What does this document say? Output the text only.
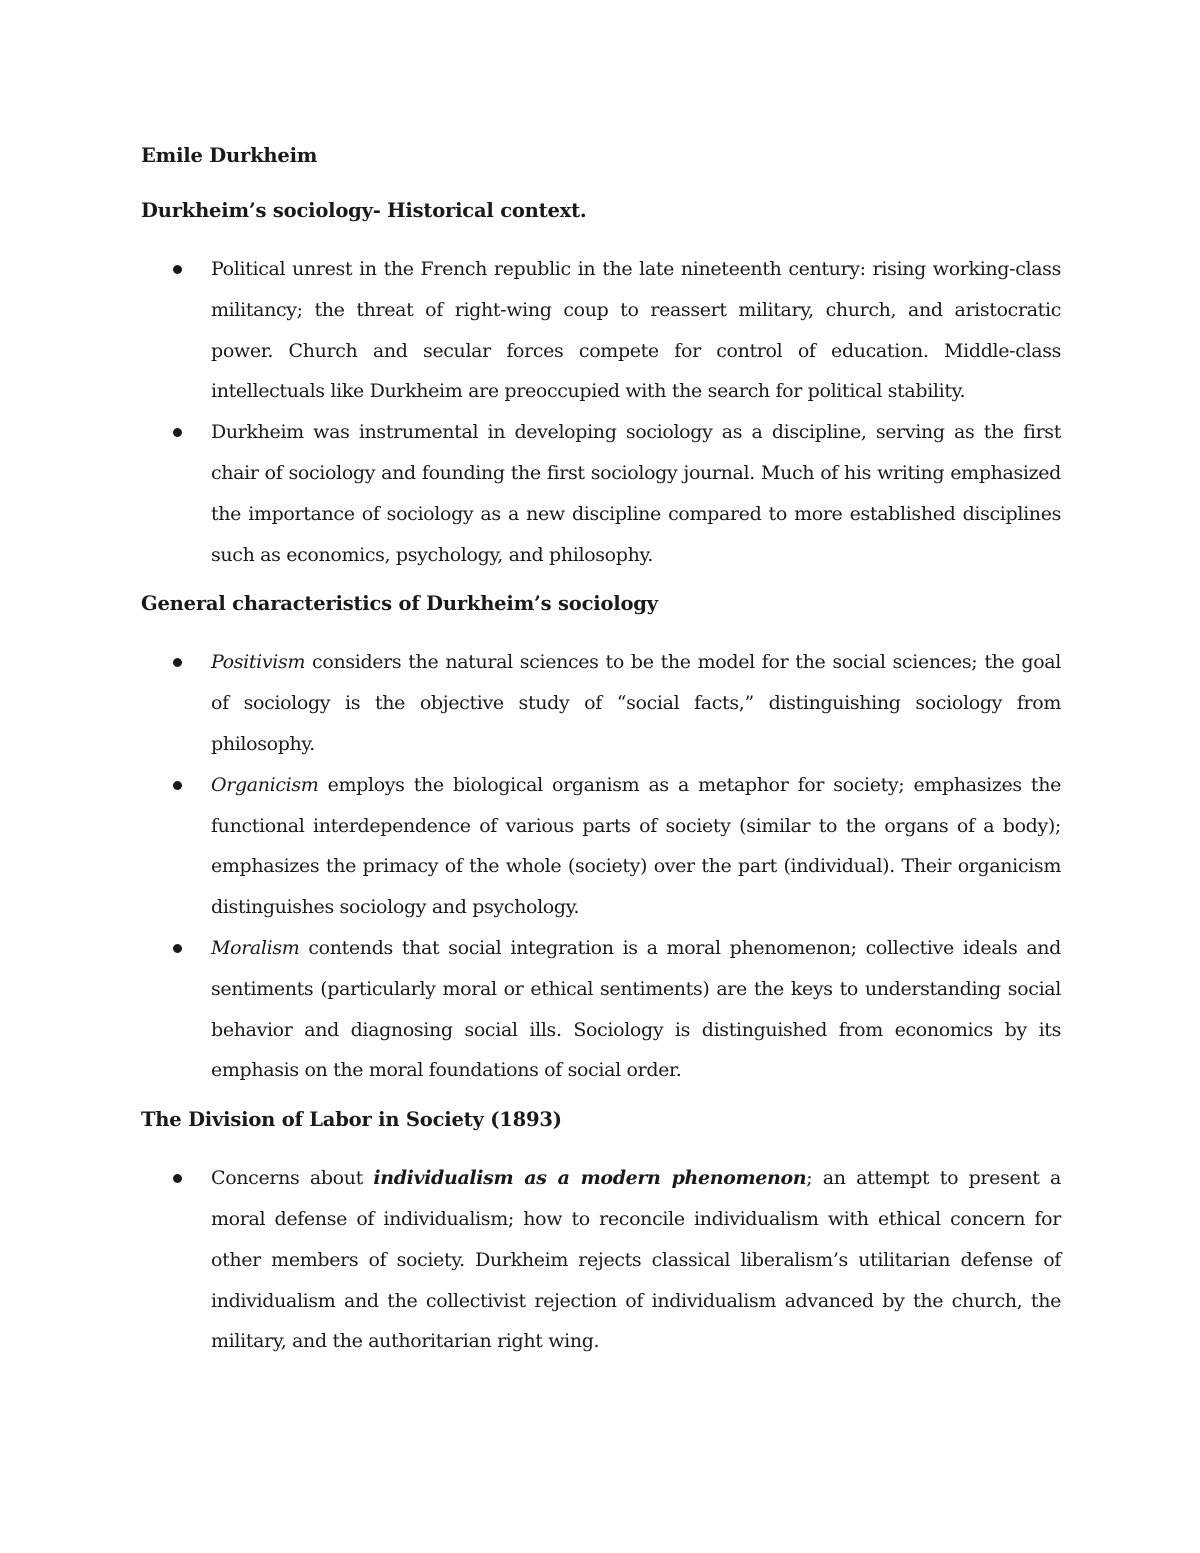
Emile Durkheim
Durkheim’s sociology- Historical context.
Political unrest in the French republic in the late nineteenth century: rising working-class militancy; the threat of right-wing coup to reassert military, church, and aristocratic power. Church and secular forces compete for control of education. Middle-class intellectuals like Durkheim are preoccupied with the search for political stability.
Durkheim was instrumental in developing sociology as a discipline, serving as the first chair of sociology and founding the first sociology journal. Much of his writing emphasized the importance of sociology as a new discipline compared to more established disciplines such as economics, psychology, and philosophy.
General characteristics of Durkheim’s sociology
Positivism considers the natural sciences to be the model for the social sciences; the goal of sociology is the objective study of “social facts,” distinguishing sociology from philosophy.
Organicism employs the biological organism as a metaphor for society; emphasizes the functional interdependence of various parts of society (similar to the organs of a body); emphasizes the primacy of the whole (society) over the part (individual). Their organicism distinguishes sociology and psychology.
Moralism contends that social integration is a moral phenomenon; collective ideals and sentiments (particularly moral or ethical sentiments) are the keys to understanding social behavior and diagnosing social ills. Sociology is distinguished from economics by its emphasis on the moral foundations of social order.
The Division of Labor in Society (1893)
Concerns about individualism as a modern phenomenon; an attempt to present a moral defense of individualism; how to reconcile individualism with ethical concern for other members of society. Durkheim rejects classical liberalism’s utilitarian defense of individualism and the collectivist rejection of individualism advanced by the church, the military, and the authoritarian right wing.
